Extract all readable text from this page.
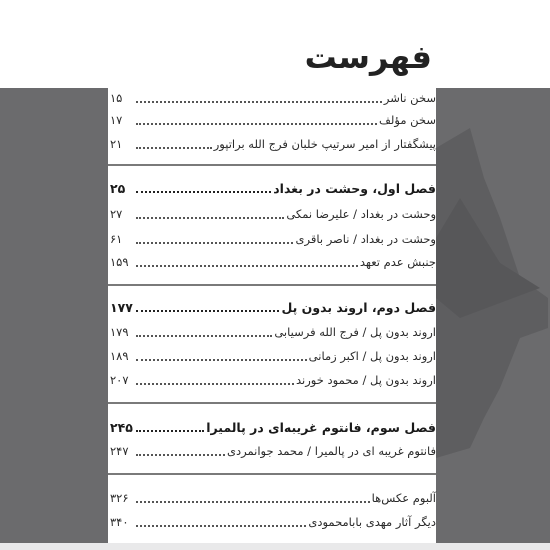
فهرست
سخن ناشر
۱۵
سخن مؤلف
۱۷
پیشگفتار از امیر سرتیپ خلبان فرج الله براتپور
۲۱
فصل اول، وحشت در بغداد
۲۵
وحشت در بغداد / علیرضا نمکی
۲۷
وحشت در بغداد / ناصر باقری
۶۱
جنبش عدم تعهد
۱۵۹
فصل دوم، اروند بدون پل
۱۷۷
اروند بدون پل / فرج الله فرسیابی
۱۷۹
اروند بدون پل / اکبر زمانی
۱۸۹
اروند بدون پل / محمود خورند
۲۰۷
فصل سوم، فانتوم غریبه‌ای در پالمیرا
۲۴۵
فانتوم غریبه ای در پالمیرا / محمد جوانمردی
۲۴۷
آلبوم عکس‌ها
۳۲۶
دیگر آثار مهدی بابامحمودی
۳۴۰
